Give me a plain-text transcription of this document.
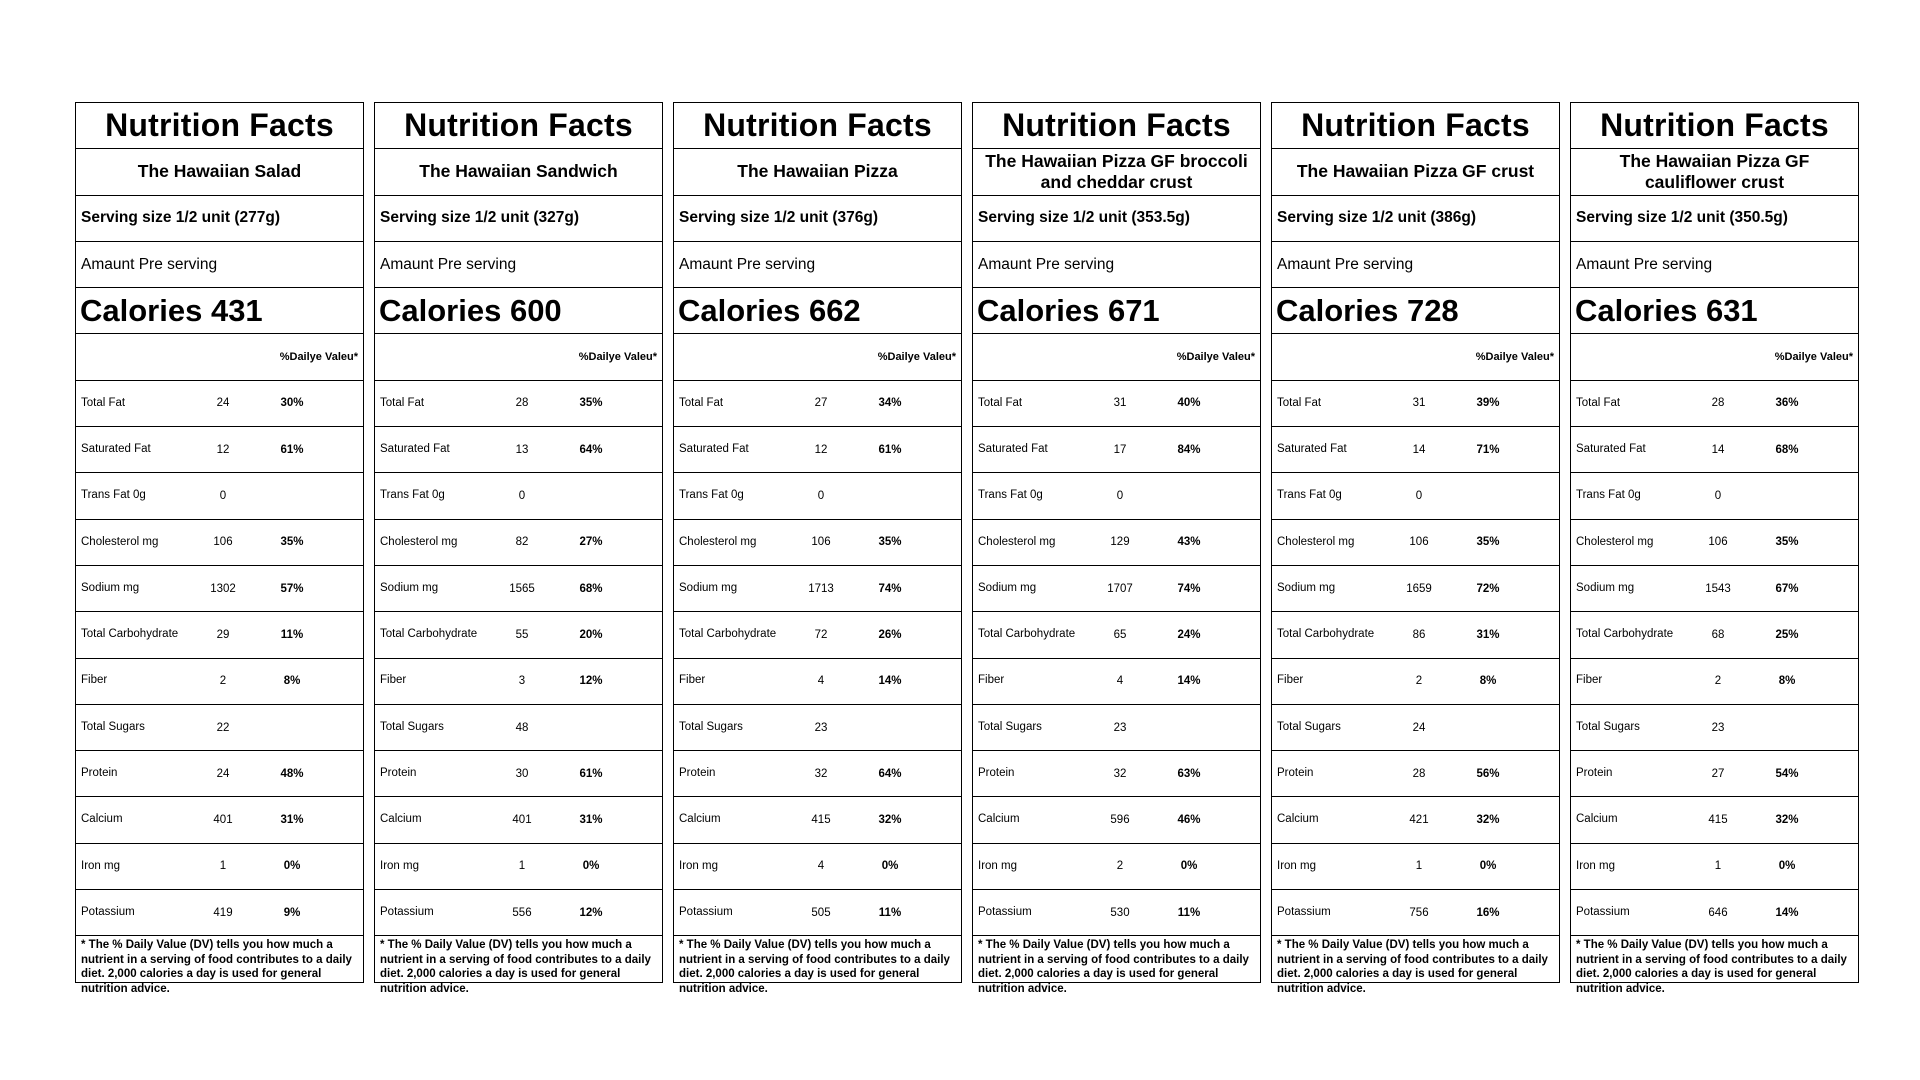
Nutrition Facts
The Hawaiian Salad
Serving size 1/2 unit (277g)
Amaunt Pre serving
Calories 431
%Dailye Valeu*
Total Fat	24	30%
Saturated Fat	12	61%
Trans Fat 0g	0
Cholesterol mg	106	35%
Sodium mg	1302	57%
Total Carbohydrate	29	11%
Fiber	2	8%
Total Sugars	22
Protein	24	48%
Calcium	401	31%
Iron mg	1	0%
Potassium	419	9%
* The % Daily Value (DV) tells you how much a nutrient in a serving of food contributes to a daily diet. 2,000 calories a day is used for general nutrition advice.
Nutrition Facts
The Hawaiian Sandwich
Serving size 1/2 unit (327g)
Amaunt Pre serving
Calories 600
%Dailye Valeu*
Total Fat	28	35%
Saturated Fat	13	64%
Trans Fat 0g	0
Cholesterol mg	82	27%
Sodium mg	1565	68%
Total Carbohydrate	55	20%
Fiber	3	12%
Total Sugars	48
Protein	30	61%
Calcium	401	31%
Iron mg	1	0%
Potassium	556	12%
* The % Daily Value (DV) tells you how much a nutrient in a serving of food contributes to a daily diet. 2,000 calories a day is used for general nutrition advice.
Nutrition Facts
The Hawaiian Pizza
Serving size 1/2 unit (376g)
Amaunt Pre serving
Calories 662
%Dailye Valeu*
Total Fat	27	34%
Saturated Fat	12	61%
Trans Fat 0g	0
Cholesterol mg	106	35%
Sodium mg	1713	74%
Total Carbohydrate	72	26%
Fiber	4	14%
Total Sugars	23
Protein	32	64%
Calcium	415	32%
Iron mg	4	0%
Potassium	505	11%
* The % Daily Value (DV) tells you how much a nutrient in a serving of food contributes to a daily diet. 2,000 calories a day is used for general nutrition advice.
Nutrition Facts
The Hawaiian Pizza GF broccoli and cheddar crust
Serving size 1/2 unit (353.5g)
Amaunt Pre serving
Calories 671
%Dailye Valeu*
Total Fat	31	40%
Saturated Fat	17	84%
Trans Fat 0g	0
Cholesterol mg	129	43%
Sodium mg	1707	74%
Total Carbohydrate	65	24%
Fiber	4	14%
Total Sugars	23
Protein	32	63%
Calcium	596	46%
Iron mg	2	0%
Potassium	530	11%
* The % Daily Value (DV) tells you how much a nutrient in a serving of food contributes to a daily diet. 2,000 calories a day is used for general nutrition advice.
Nutrition Facts
The Hawaiian Pizza GF crust
Serving size 1/2 unit (386g)
Amaunt Pre serving
Calories 728
%Dailye Valeu*
Total Fat	31	39%
Saturated Fat	14	71%
Trans Fat 0g	0
Cholesterol mg	106	35%
Sodium mg	1659	72%
Total Carbohydrate	86	31%
Fiber	2	8%
Total Sugars	24
Protein	28	56%
Calcium	421	32%
Iron mg	1	0%
Potassium	756	16%
* The % Daily Value (DV) tells you how much a nutrient in a serving of food contributes to a daily diet. 2,000 calories a day is used for general nutrition advice.
Nutrition Facts
The Hawaiian Pizza GF cauliflower crust
Serving size 1/2 unit (350.5g)
Amaunt Pre serving
Calories 631
%Dailye Valeu*
Total Fat	28	36%
Saturated Fat	14	68%
Trans Fat 0g	0
Cholesterol mg	106	35%
Sodium mg	1543	67%
Total Carbohydrate	68	25%
Fiber	2	8%
Total Sugars	23
Protein	27	54%
Calcium	415	32%
Iron mg	1	0%
Potassium	646	14%
* The % Daily Value (DV) tells you how much a nutrient in a serving of food contributes to a daily diet. 2,000 calories a day is used for general nutrition advice.
